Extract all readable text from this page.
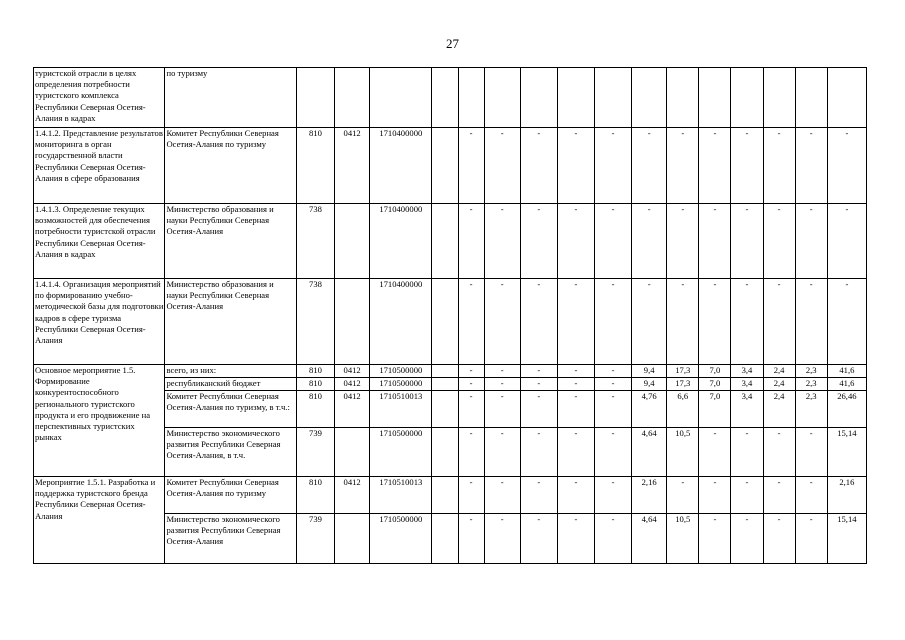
27
туристской отрасли в целях определения потребности туристского комплекса Республики Северная Осетия-Алания в кадрах	по туризму																
1.4.1.2. Представление результатов мониторинга в орган государственной власти Республики Северная Осетия-Алания в сфере образования	Комитет Республики Северная Осетия-Алания по туризму	810	0412	1710400000		-	-	-	-	-	-	-	-	-	-	-	-
1.4.1.3. Определение текущих возможностей для обеспечения потребности туристской отрасли Республики Северная Осетия-Алания в кадрах	Министерство образования и науки Республики Северная Осетия-Алания	738		1710400000		-	-	-	-	-	-	-	-	-	-	-	-
1.4.1.4. Организация мероприятий по формированию учебно-методической базы для подготовки кадров в сфере туризма Республики Северная Осетия-Алания	Министерство образования и науки Республики Северная Осетия-Алания	738		1710400000		-	-	-	-	-	-	-	-	-	-	-	-
Основное мероприятие 1.5. Формирование конкурентоспособного регионального туристского продукта и его продвижение на перспективных туристских рынках	всего, из них:	810	0412	1710500000		-	-	-	-	-	9,4	17,3	7,0	3,4	2,4	2,3	41,6
	республиканский бюджет	810	0412	1710500000		-	-	-	-	-	9,4	17,3	7,0	3,4	2,4	2,3	41,6
	Комитет Республики Северная Осетия-Алания по туризму, в т.ч.:	810	0412	1710510013		-	-	-	-	-	4,76	6,6	7,0	3,4	2,4	2,3	26,46
	Министерство экономического развития Республики Северная Осетия-Алания, в т.ч.	739		1710500000		-	-	-	-	-	4,64	10,5	-	-	-	-	15,14
Мероприятие 1.5.1. Разработка и поддержка туристского бренда Республики Северная Осетия-Алания	Комитет Республики Северная Осетия-Алания по туризму	810	0412	1710510013		-	-	-	-	-	2,16	-	-	-	-	-	2,16
	Министерство экономического развития Республики Северная Осетия-Алания	739		1710500000		-	-	-	-	-	4,64	10,5	-	-	-	-	15,14
